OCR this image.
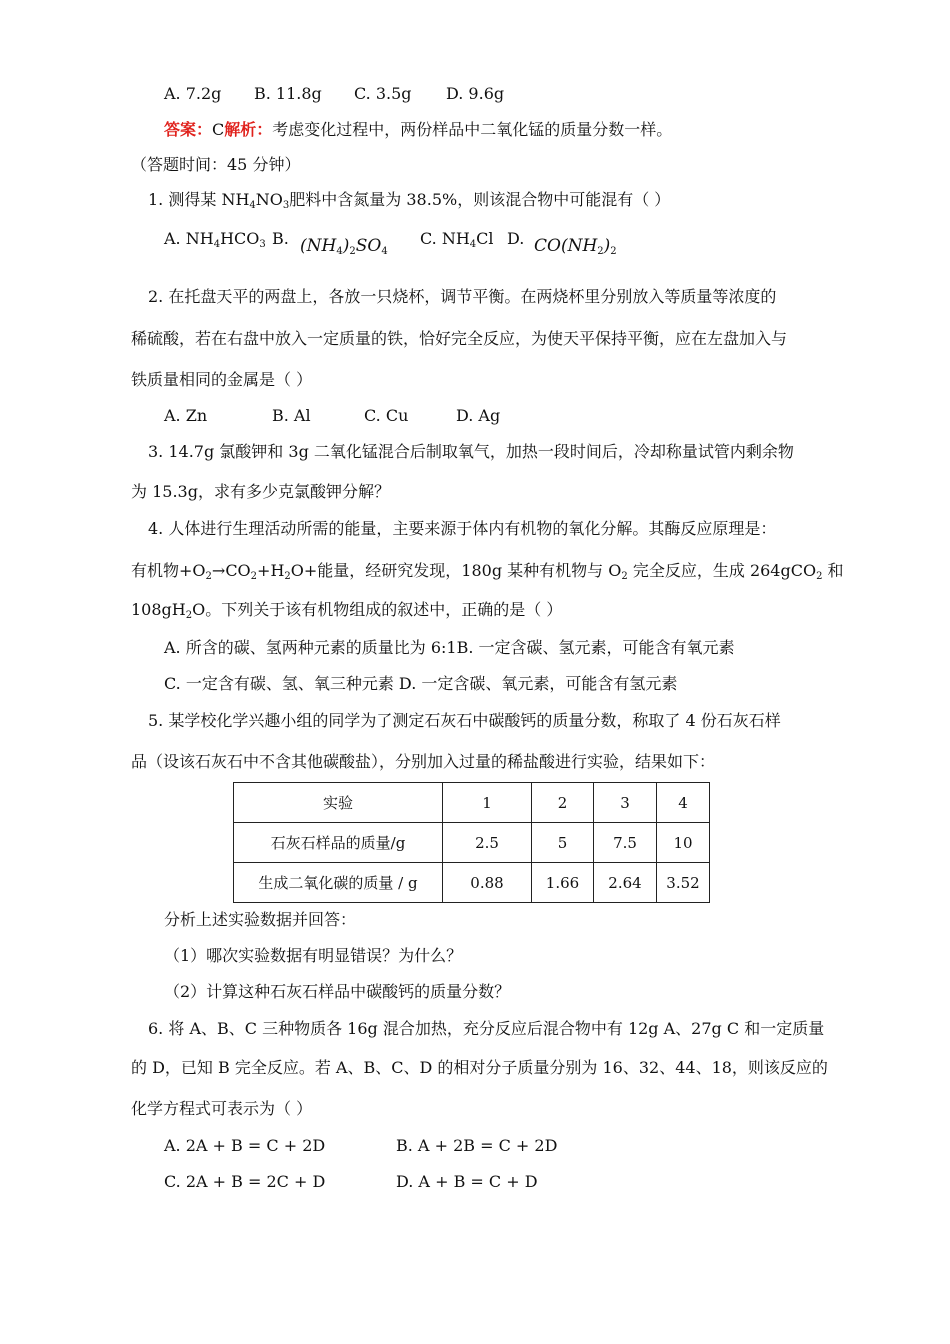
A. 7.2g B. 11.8g C. 3.5g D. 9.6g
答案：C解析：考虑变化过程中，两份样品中二氧化锰的质量分数一样。
（答题时间：45 分钟）
1. 测得某 $NH_4NO_3$肥料中含氮量为 38.5%，则该混合物中可能混有（ ）
A. $NH_4HCO_3$ B. $(NH_4)_2SO_4$
C. $NH_4Cl$ D. $CO(NH_2)_2$
2. 在托盘天平的两盘上，各放一只烧杯，调节平衡。在两烧杯里分别放入等质量等浓度的
稀硫酸，若在右盘中放入一定质量的铁，恰好完全反应，为使天平保持平衡，应在左盘加入与
铁质量相同的金属是（ ）
A. Zn	B. Al	C. Cu	D. Ag
3. 14.7g 氯酸钾和 3g 二氧化锰混合后制取氧气，加热一段时间后，冷却称量试管内剩余物
为 15.3g，求有多少克氯酸钾分解？
4. 人体进行生理活动所需的能量，主要来源于体内有机物的氧化分解。其酶反应原理是：
有机物$+O_2\to CO_2+H_2O+$能量，经研究发现，180g 某种有机物与 $O_2$ 完全反应，生成 264gCO$_2$ 和
$108gH_2O$。下列关于该有机物组成的叙述中，正确的是（ ）
A. 所含的碳、氢两种元素的质量比为 6:1B. 一定含碳、氢元素，可能含有氧元素
C. 一定含有碳、氢、氧三种元素 D. 一定含碳、氧元素，可能含有氢元素
5. 某学校化学兴趣小组的同学为了测定石灰石中碳酸钙的质量分数，称取了 4 份石灰石样
品（设该石灰石中不含其他碳酸盐），分别加入过量的稀盐酸进行实验，结果如下：
实验	1	2	3	4
石灰石样品的质量/g	2.5	5	7.5	10
生成二氧化碳的质量 / g	0.88	1.66	2.64	3.52
分析上述实验数据并回答：
（1）哪次实验数据有明显错误？为什么？
（2）计算这种石灰石样品中碳酸钙的质量分数？
6. 将 A、B、C 三种物质各 16g 混合加热，充分反应后混合物中有 12g A、27g C 和一定质量
的 D，已知 B 完全反应。若 A、B、C、D 的相对分子质量分别为 16、32、44、18，则该反应的
化学方程式可表示为（ ）
A. 2A + B = C + 2D	B. A + 2B = C + 2D
C. 2A + B = 2C + D	D. A + B = C + D
